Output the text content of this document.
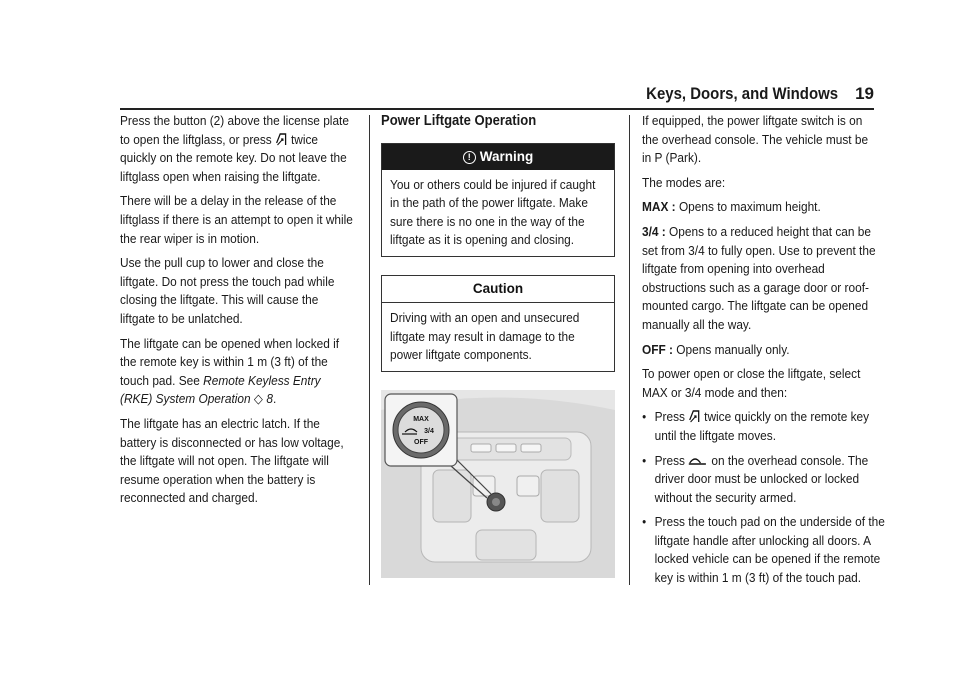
Keys, Doors, and Windows 19

Press the button (2) above the license plate to open the liftglass, or press twice quickly on the remote key. Do not leave the liftglass open when raising the liftgate.

There will be a delay in the release of the liftglass if there is an attempt to open it while the rear wiper is in motion.

Use the pull cup to lower and close the liftgate. Do not press the touch pad while closing the liftgate. This will cause the liftgate to be unlatched.

The liftgate can be opened when locked if the remote key is within 1 m (3 ft) of the touch pad. See Remote Keyless Entry (RKE) System Operation ◇ 8.

The liftgate has an electric latch. If the battery is disconnected or has low voltage, the liftgate will not open. The liftgate will resume operation when the battery is reconnected and charged.

Power Liftgate Operation
! Warning

You or others could be injured if caught in the path of the power liftgate. Make sure there is no one in the way of the liftgate as it is opening and closing.

Caution

Driving with an open and unsecured liftgate may result in damage to the power liftgate components.

MAX
3/4
OFF

If equipped, the power liftgate switch is on the overhead console. The vehicle must be in P (Park).

The modes are:

MAX : Opens to maximum height.

3/4 : Opens to a reduced height that can be set from 3/4 to fully open. Use to prevent the liftgate from opening into overhead obstructions such as a garage door or roof-mounted cargo. The liftgate can be opened manually all the way.

OFF : Opens manually only.

To power open or close the liftgate, select MAX or 3/4 mode and then:

● Press twice quickly on the remote key until the liftgate moves.

● Press on the overhead console. The driver door must be unlocked or locked without the security armed.

● Press the touch pad on the underside of the liftgate handle after unlocking all doors. A locked vehicle can be opened if the remote key is within 1 m (3 ft) of the touch pad.
